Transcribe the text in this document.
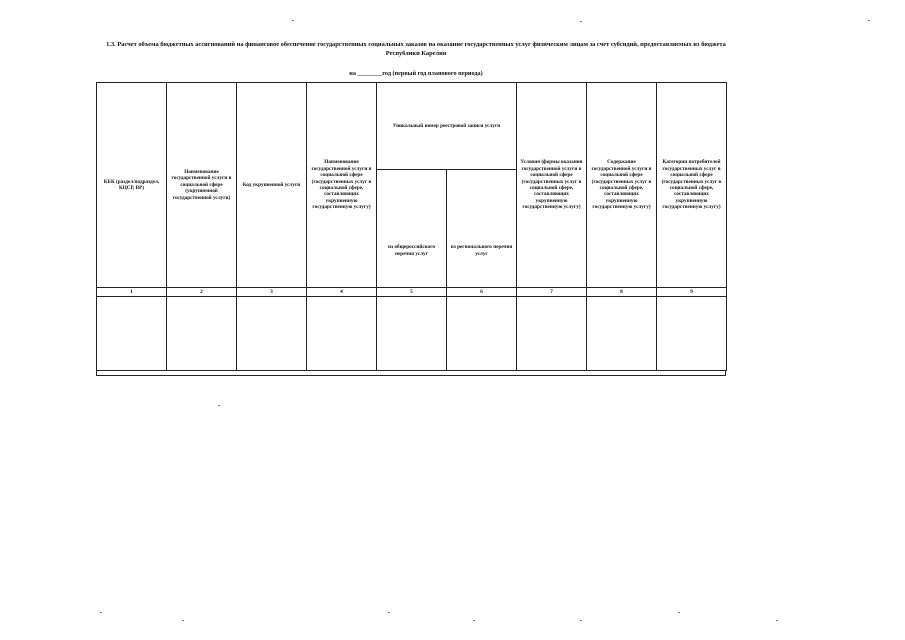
1.3. Расчет объема бюджетных ассигнований на финансовое обеспечение государственных социальных заказов на оказание государственных услуг физическим лицам за счет субсидий, предоставляемых из бюджета Республики Карелия
на ________год (первый год планового периода)
КБК (раздел/подраздел, КЦСР, ВР)	Наименование государственной услуги в социальной сфере (укрупненной государственной услуги)	Код укрупненной услуги	Наименование государственной услуги в социальной сфере (государственных услуг в социальной сфере, составляющих укрупненную государственную услугу)	Уникальный номер реестровой записи услуги		Условия (формы оказания государственной услуги в социальной сфере (государственных услуг в социальной сфере, составляющих укрупненную государственную услугу)	Содержание государственной услуги в социальной сфере (государственных услуг в социальной сфере, составляющих укрупненную государственную услугу)	Категории потребителей государственных услуг в социальной сфере (государственных услуг в социальной сфере, составляющих укрупненную государственную услугу)
				из общероссийского перечня услуг	из регионального перечня услуг			
1	2	3	4	5	6	7	8	9
